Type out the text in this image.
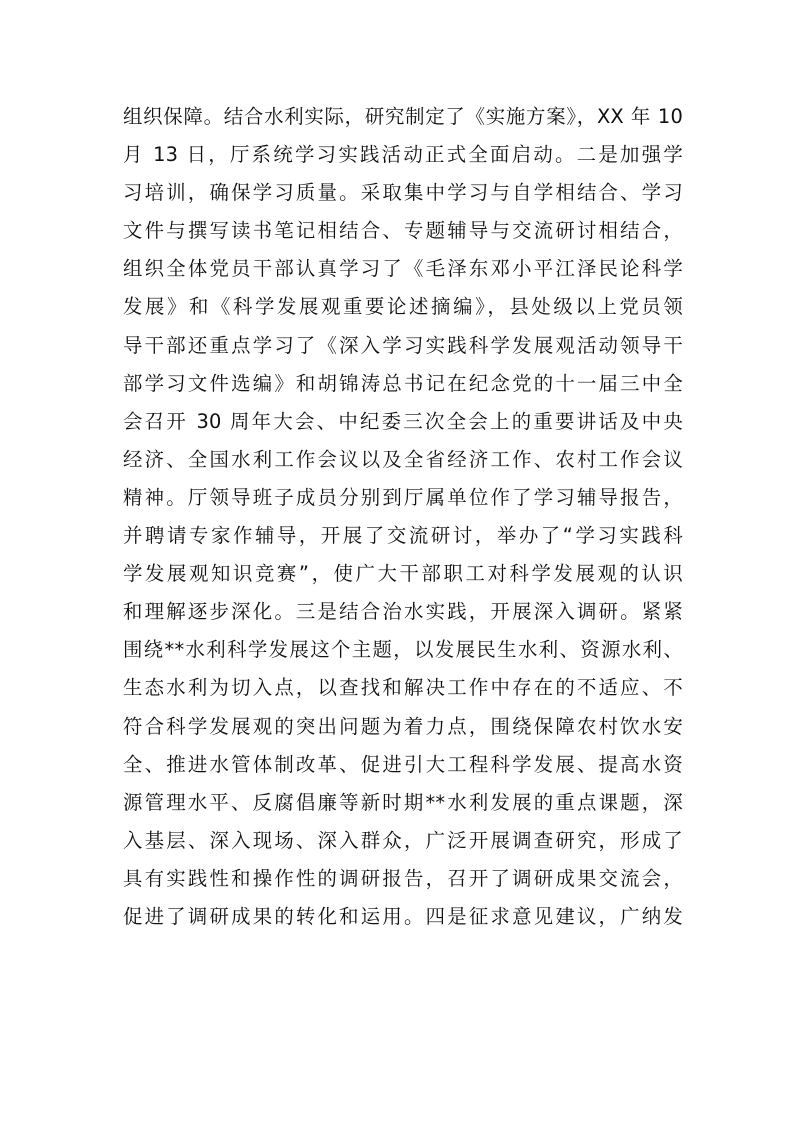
组织保障。结合水利实际，研究制定了《实施方案》，XX 年 10
月 13 日，厅系统学习实践活动正式全面启动。二是加强学
习培训，确保学习质量。采取集中学习与自学相结合、学习
文件与撰写读书笔记相结合、专题辅导与交流研讨相结合，
组织全体党员干部认真学习了《毛泽东邓小平江泽民论科学
发展》和《科学发展观重要论述摘编》，县处级以上党员领
导干部还重点学习了《深入学习实践科学发展观活动领导干
部学习文件选编》和胡锦涛总书记在纪念党的十一届三中全
会召开 30 周年大会、中纪委三次全会上的重要讲话及中央
经济、全国水利工作会议以及全省经济工作、农村工作会议
精神。厅领导班子成员分别到厅属单位作了学习辅导报告，
并聘请专家作辅导，开展了交流研讨，举办了“学习实践科
学发展观知识竞赛”，使广大干部职工对科学发展观的认识
和理解逐步深化。三是结合治水实践，开展深入调研。紧紧
围绕**水利科学发展这个主题，以发展民生水利、资源水利、
生态水利为切入点，以查找和解决工作中存在的不适应、不
符合科学发展观的突出问题为着力点，围绕保障农村饮水安
全、推进水管体制改革、促进引大工程科学发展、提高水资
源管理水平、反腐倡廉等新时期**水利发展的重点课题，深
入基层、深入现场、深入群众，广泛开展调查研究，形成了
具有实践性和操作性的调研报告，召开了调研成果交流会，
促进了调研成果的转化和运用。四是征求意见建议，广纳发
